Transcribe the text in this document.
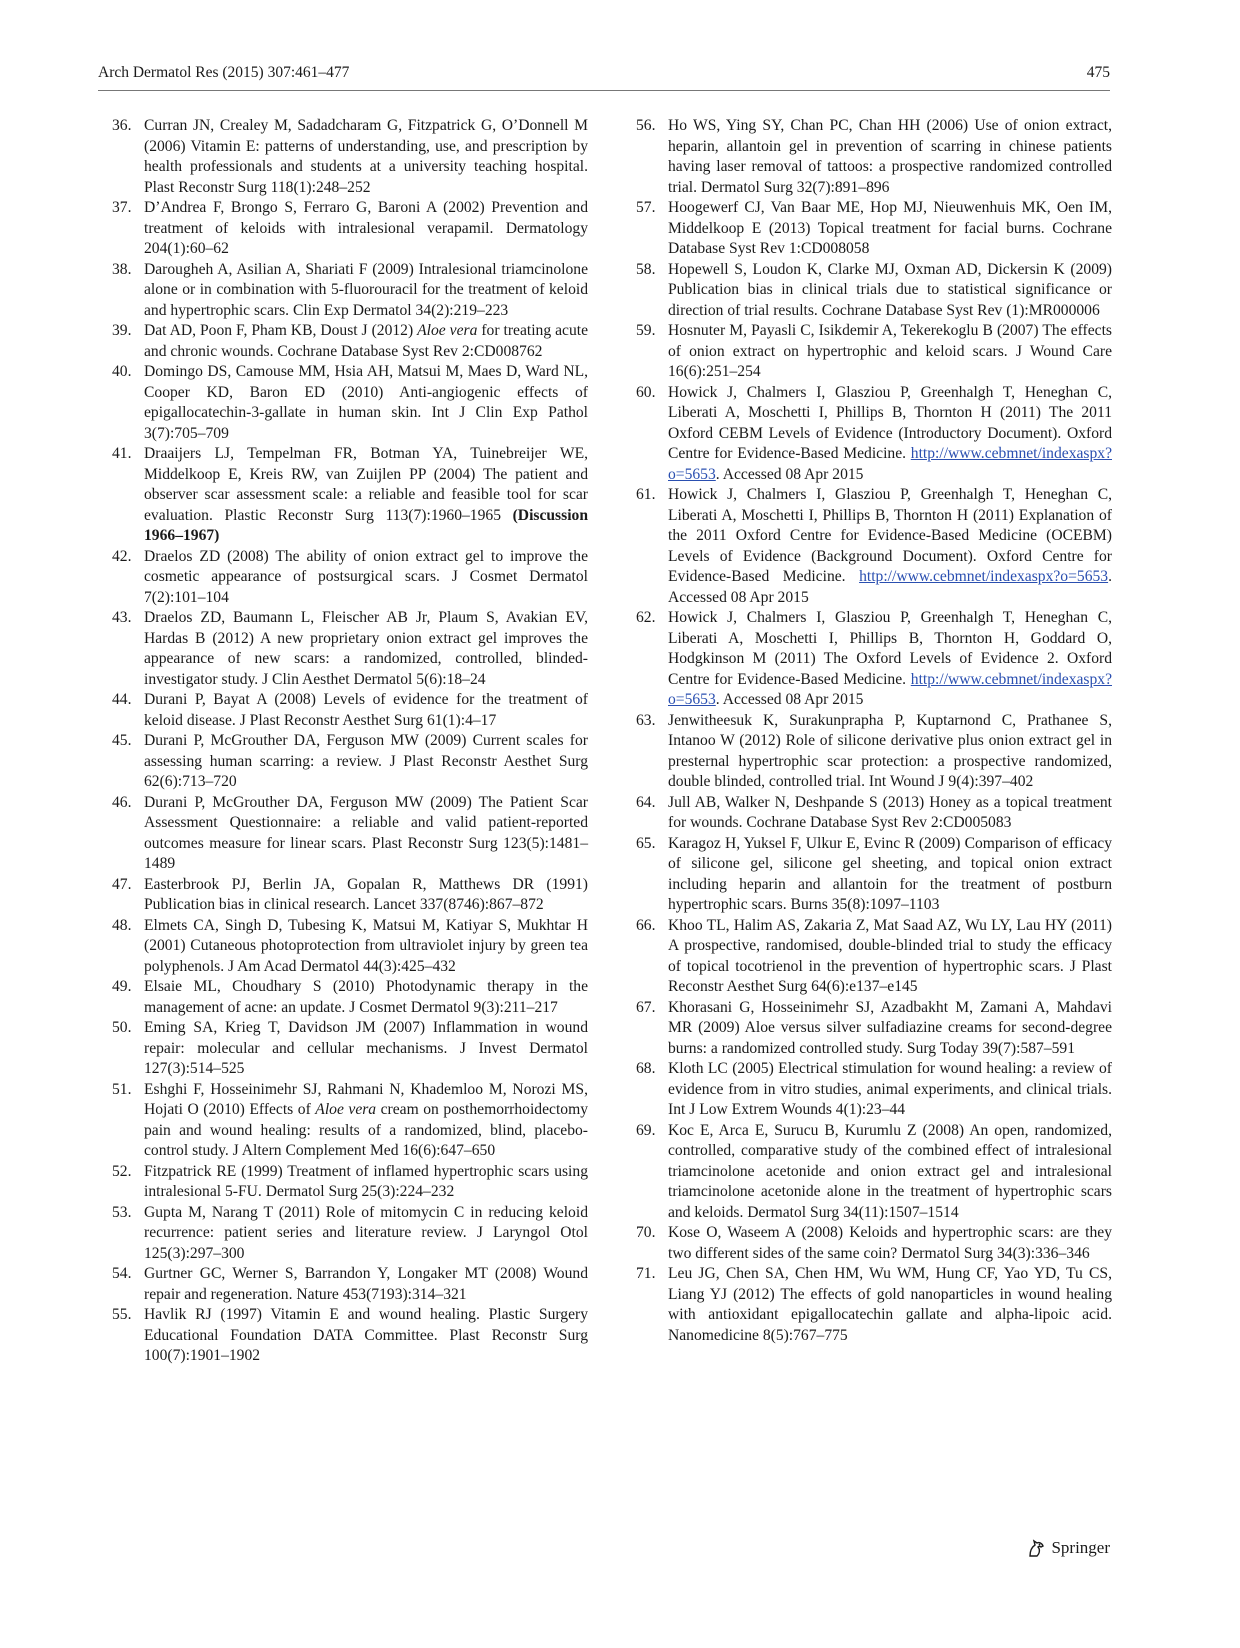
Arch Dermatol Res (2015) 307:461–477	475
36. Curran JN, Crealey M, Sadadcharam G, Fitzpatrick G, O’Donnell M (2006) Vitamin E: patterns of understanding, use, and prescription by health professionals and students at a university teaching hospital. Plast Reconstr Surg 118(1):248–252
37. D’Andrea F, Brongo S, Ferraro G, Baroni A (2002) Prevention and treatment of keloids with intralesional verapamil. Dermatology 204(1):60–62
38. Darougheh A, Asilian A, Shariati F (2009) Intralesional triamcinolone alone or in combination with 5-fluorouracil for the treatment of keloid and hypertrophic scars. Clin Exp Dermatol 34(2):219–223
39. Dat AD, Poon F, Pham KB, Doust J (2012) Aloe vera for treating acute and chronic wounds. Cochrane Database Syst Rev 2:CD008762
40. Domingo DS, Camouse MM, Hsia AH, Matsui M, Maes D, Ward NL, Cooper KD, Baron ED (2010) Anti-angiogenic effects of epigallocatechin-3-gallate in human skin. Int J Clin Exp Pathol 3(7):705–709
41. Draaijers LJ, Tempelman FR, Botman YA, Tuinebreijer WE, Middelkoop E, Kreis RW, van Zuijlen PP (2004) The patient and observer scar assessment scale: a reliable and feasible tool for scar evaluation. Plastic Reconstr Surg 113(7):1960–1965 (Discussion 1966–1967)
42. Draelos ZD (2008) The ability of onion extract gel to improve the cosmetic appearance of postsurgical scars. J Cosmet Dermatol 7(2):101–104
43. Draelos ZD, Baumann L, Fleischer AB Jr, Plaum S, Avakian EV, Hardas B (2012) A new proprietary onion extract gel improves the appearance of new scars: a randomized, controlled, blinded-investigator study. J Clin Aesthet Dermatol 5(6):18–24
44. Durani P, Bayat A (2008) Levels of evidence for the treatment of keloid disease. J Plast Reconstr Aesthet Surg 61(1):4–17
45. Durani P, McGrouther DA, Ferguson MW (2009) Current scales for assessing human scarring: a review. J Plast Reconstr Aesthet Surg 62(6):713–720
46. Durani P, McGrouther DA, Ferguson MW (2009) The Patient Scar Assessment Questionnaire: a reliable and valid patient-reported outcomes measure for linear scars. Plast Reconstr Surg 123(5):1481–1489
47. Easterbrook PJ, Berlin JA, Gopalan R, Matthews DR (1991) Publication bias in clinical research. Lancet 337(8746):867–872
48. Elmets CA, Singh D, Tubesing K, Matsui M, Katiyar S, Mukhtar H (2001) Cutaneous photoprotection from ultraviolet injury by green tea polyphenols. J Am Acad Dermatol 44(3):425–432
49. Elsaie ML, Choudhary S (2010) Photodynamic therapy in the management of acne: an update. J Cosmet Dermatol 9(3):211–217
50. Eming SA, Krieg T, Davidson JM (2007) Inflammation in wound repair: molecular and cellular mechanisms. J Invest Dermatol 127(3):514–525
51. Eshghi F, Hosseinimehr SJ, Rahmani N, Khademloo M, Norozi MS, Hojati O (2010) Effects of Aloe vera cream on posthemorrhoidectomy pain and wound healing: results of a randomized, blind, placebo-control study. J Altern Complement Med 16(6):647–650
52. Fitzpatrick RE (1999) Treatment of inflamed hypertrophic scars using intralesional 5-FU. Dermatol Surg 25(3):224–232
53. Gupta M, Narang T (2011) Role of mitomycin C in reducing keloid recurrence: patient series and literature review. J Laryngol Otol 125(3):297–300
54. Gurtner GC, Werner S, Barrandon Y, Longaker MT (2008) Wound repair and regeneration. Nature 453(7193):314–321
55. Havlik RJ (1997) Vitamin E and wound healing. Plastic Surgery Educational Foundation DATA Committee. Plast Reconstr Surg 100(7):1901–1902
56. Ho WS, Ying SY, Chan PC, Chan HH (2006) Use of onion extract, heparin, allantoin gel in prevention of scarring in chinese patients having laser removal of tattoos: a prospective randomized controlled trial. Dermatol Surg 32(7):891–896
57. Hoogewerf CJ, Van Baar ME, Hop MJ, Nieuwenhuis MK, Oen IM, Middelkoop E (2013) Topical treatment for facial burns. Cochrane Database Syst Rev 1:CD008058
58. Hopewell S, Loudon K, Clarke MJ, Oxman AD, Dickersin K (2009) Publication bias in clinical trials due to statistical significance or direction of trial results. Cochrane Database Syst Rev (1):MR000006
59. Hosnuter M, Payasli C, Isikdemir A, Tekerekoglu B (2007) The effects of onion extract on hypertrophic and keloid scars. J Wound Care 16(6):251–254
60. Howick J, Chalmers I, Glasziou P, Greenhalgh T, Heneghan C, Liberati A, Moschetti I, Phillips B, Thornton H (2011) The 2011 Oxford CEBM Levels of Evidence (Introductory Document). Oxford Centre for Evidence-Based Medicine. http://www.cebmnet/indexaspx?o=5653. Accessed 08 Apr 2015
61. Howick J, Chalmers I, Glasziou P, Greenhalgh T, Heneghan C, Liberati A, Moschetti I, Phillips B, Thornton H (2011) Explanation of the 2011 Oxford Centre for Evidence-Based Medicine (OCEBM) Levels of Evidence (Background Document). Oxford Centre for Evidence-Based Medicine. http://www.cebmnet/indexaspx?o=5653. Accessed 08 Apr 2015
62. Howick J, Chalmers I, Glasziou P, Greenhalgh T, Heneghan C, Liberati A, Moschetti I, Phillips B, Thornton H, Goddard O, Hodgkinson M (2011) The Oxford Levels of Evidence 2. Oxford Centre for Evidence-Based Medicine. http://www.cebmnet/indexaspx?o=5653. Accessed 08 Apr 2015
63. Jenwitheesuk K, Surakunprapha P, Kuptarnond C, Prathanee S, Intanoo W (2012) Role of silicone derivative plus onion extract gel in presternal hypertrophic scar protection: a prospective randomized, double blinded, controlled trial. Int Wound J 9(4):397–402
64. Jull AB, Walker N, Deshpande S (2013) Honey as a topical treatment for wounds. Cochrane Database Syst Rev 2:CD005083
65. Karagoz H, Yuksel F, Ulkur E, Evinc R (2009) Comparison of efficacy of silicone gel, silicone gel sheeting, and topical onion extract including heparin and allantoin for the treatment of postburn hypertrophic scars. Burns 35(8):1097–1103
66. Khoo TL, Halim AS, Zakaria Z, Mat Saad AZ, Wu LY, Lau HY (2011) A prospective, randomised, double-blinded trial to study the efficacy of topical tocotrienol in the prevention of hypertrophic scars. J Plast Reconstr Aesthet Surg 64(6):e137–e145
67. Khorasani G, Hosseinimehr SJ, Azadbakht M, Zamani A, Mahdavi MR (2009) Aloe versus silver sulfadiazine creams for second-degree burns: a randomized controlled study. Surg Today 39(7):587–591
68. Kloth LC (2005) Electrical stimulation for wound healing: a review of evidence from in vitro studies, animal experiments, and clinical trials. Int J Low Extrem Wounds 4(1):23–44
69. Koc E, Arca E, Surucu B, Kurumlu Z (2008) An open, randomized, controlled, comparative study of the combined effect of intralesional triamcinolone acetonide and onion extract gel and intralesional triamcinolone acetonide alone in the treatment of hypertrophic scars and keloids. Dermatol Surg 34(11):1507–1514
70. Kose O, Waseem A (2008) Keloids and hypertrophic scars: are they two different sides of the same coin? Dermatol Surg 34(3):336–346
71. Leu JG, Chen SA, Chen HM, Wu WM, Hung CF, Yao YD, Tu CS, Liang YJ (2012) The effects of gold nanoparticles in wound healing with antioxidant epigallocatechin gallate and alpha-lipoic acid. Nanomedicine 8(5):767–775
Springer
